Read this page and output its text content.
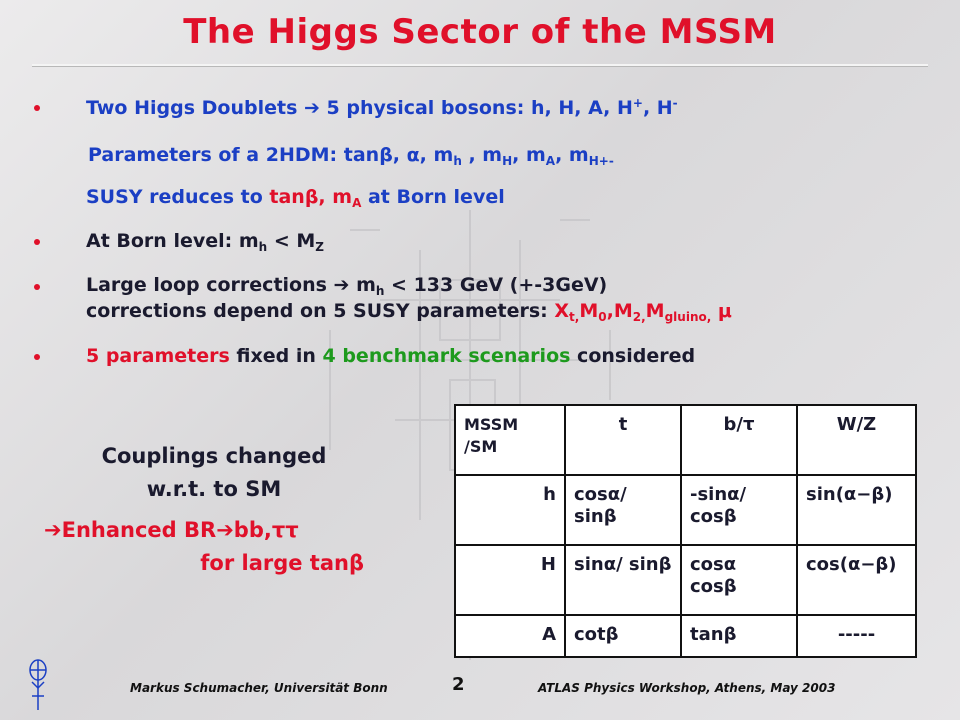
The Higgs Sector of the MSSM
Two Higgs Doublets ➔ 5 physical bosons: h, H, A, H+, H-
Parameters of a 2HDM: tanβ, α, $m_h$ , $m_H$, $m_A$, $m_{H+-}$
SUSY reduces to tanβ, $m_A$ at Born level
At Born level: $m_h < M_Z$
Large loop corrections ➔ $m_h < 133$ GeV (+-3GeV)
corrections depend on 5 SUSY parameters: $X_{t,}M_0,M_{2,}M_{gluino,}$ μ
5 parameters fixed in 4 benchmark scenarios considered
Couplings changed
w.r.t. to SM
➔Enhanced BR➔bb,ττ
for large tanβ
MSSM /SM	t	b/τ	W/Z
h	cosα/ sinβ	-sinα/ cosβ	sin(α−β)
H	sinα/ sinβ	cosα cosβ	cos(α−β)
A	cotβ	tanβ	-----
Markus Schumacher, Universität Bonn	2	ATLAS Physics Workshop, Athens, May 2003
